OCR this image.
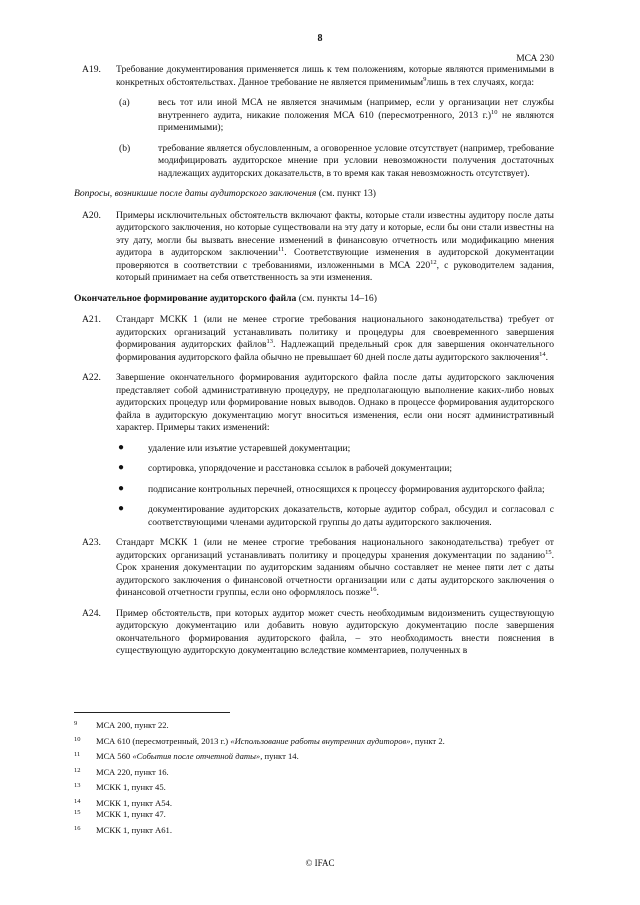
8
МСА 230
A19. Требование документирования применяется лишь к тем положениям, которые являются применимыми в конкретных обстоятельствах. Данное требование не является применимым$^9$лишь в тех случаях, когда:
(a)	весь тот или иной МСА не является значимым (например, если у организации нет службы внутреннего аудита, никакие положения МСА 610 (пересмотренного, 2013 г.)$^{10}$ не являются применимыми);
(b)	требование является обусловленным, а оговоренное условие отсутствует (например, требование модифицировать аудиторское мнение при условии невозможности получения достаточных надлежащих аудиторских доказательств, в то время как такая невозможность отсутствует).
Вопросы, возникшие после даты аудиторского заключения (см. пункт 13)
A20. Примеры исключительных обстоятельств включают факты, которые стали известны аудитору после даты аудиторского заключения, но которые существовали на эту дату и которые, если бы они стали известны на эту дату, могли бы вызвать внесение изменений в финансовую отчетность или модификацию мнения аудитора в аудиторском заключении$^{11}$. Соответствующие изменения в аудиторской документации проверяются в соответствии с требованиями, изложенными в МСА $220^{12}$, с руководителем задания, который принимает на себя ответственность за эти изменения.
Окончательное формирование аудиторского файла (см. пункты 14–16)
A21. Стандарт МСКК 1 (или не менее строгие требования национального законодательства) требует от аудиторских организаций устанавливать политику и процедуры для своевременного завершения формирования аудиторских файлов$^{13}$. Надлежащий предельный срок для завершения окончательного формирования аудиторского файла обычно не превышает 60 дней после даты аудиторского заключения$^{14}$.
A22. Завершение окончательного формирования аудиторского файла после даты аудиторского заключения представляет собой административную процедуру, не предполагающую выполнение каких-либо новых аудиторских процедур или формирование новых выводов. Однако в процессе формирования аудиторского файла в аудиторскую документацию могут вноситься изменения, если они носят административный характер. Примеры таких изменений:
● удаление или изъятие устаревшей документации;
● сортировка, упорядочение и расстановка ссылок в рабочей документации;
● подписание контрольных перечней, относящихся к процессу формирования аудиторского файла;
● документирование аудиторских доказательств, которые аудитор собрал, обсудил и согласовал с соответствующими членами аудиторской группы до даты аудиторского заключения.
A23. Стандарт МСКК 1 (или не менее строгие требования национального законодательства) требует от аудиторских организаций устанавливать политику и процедуры хранения документации по заданию$^{15}$. Срок хранения документации по аудиторским заданиям обычно составляет не менее пяти лет с даты аудиторского заключения о финансовой отчетности организации или с даты аудиторского заключения о финансовой отчетности группы, если оно оформлялось позже$^{16}$.
A24. Пример обстоятельств, при которых аудитор может счесть необходимым видоизменить существующую аудиторскую документацию или добавить новую аудиторскую документацию после завершения окончательного формирования аудиторского файла, – это необходимость внести пояснения в существующую аудиторскую документацию вследствие комментариев, полученных в
9 МСА 200, пункт 22.
10 МСА 610 (пересмотренный, 2013 г.) «Использование работы внутренних аудиторов», пункт 2.
11 МСА 560 «События после отчетной даты», пункт 14.
12 МСА 220, пункт 16.
13 МСКК 1, пункт 45.
14 МСКК 1, пункт A54.
15 МСКК 1, пункт 47.
16 МСКК 1, пункт A61.
© IFAC
